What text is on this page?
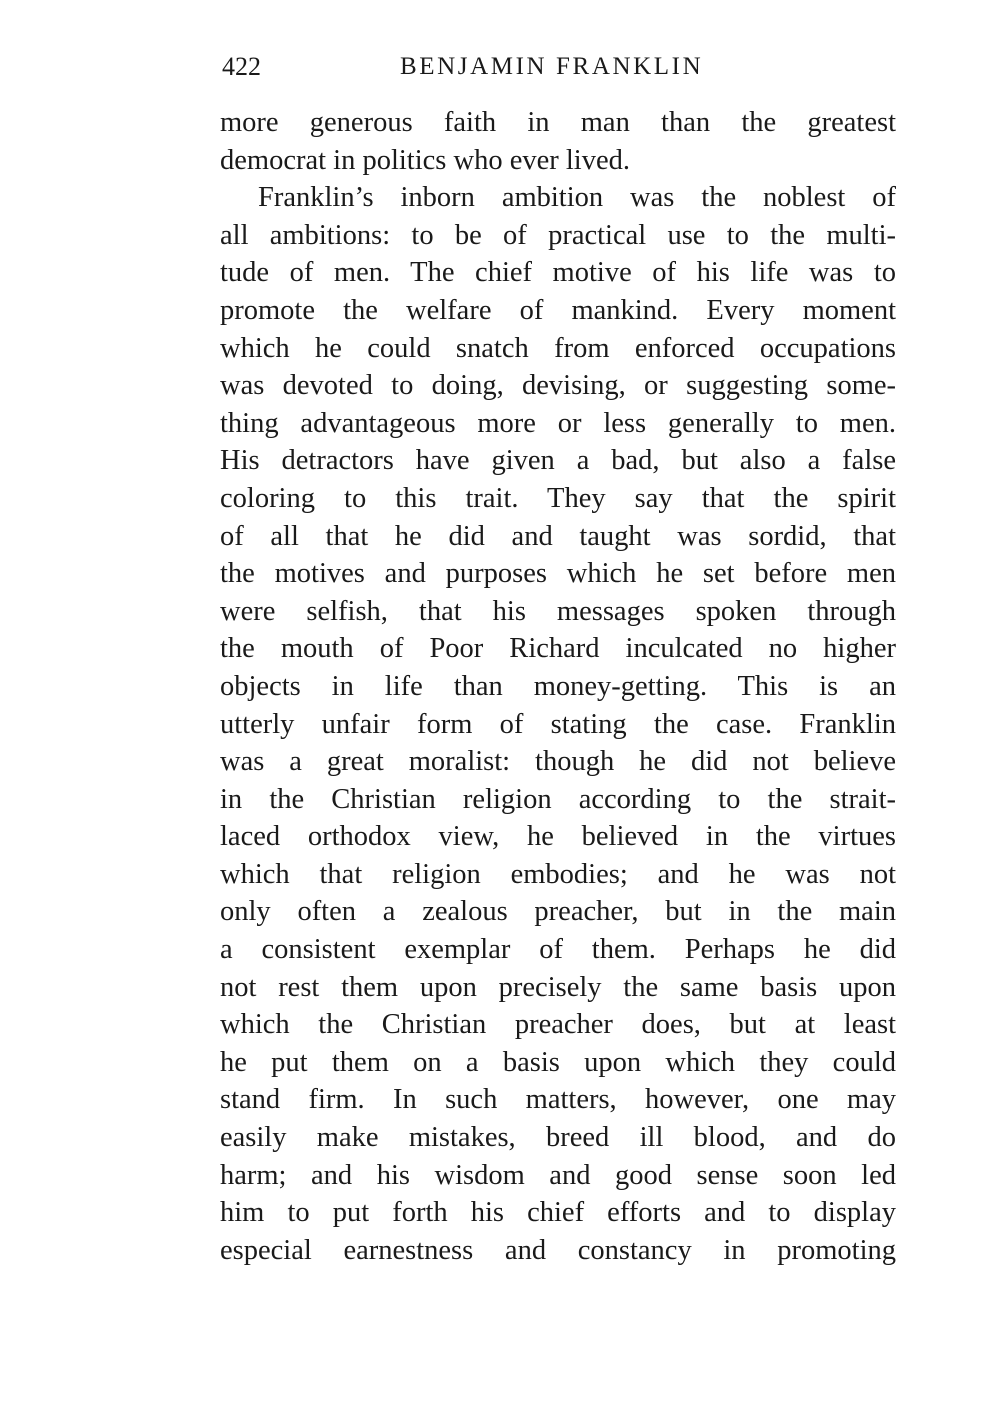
422	BENJAMIN FRANKLIN
more generous faith in man than the greatest
democrat in politics who ever lived.
Franklin’s inborn ambition was the noblest of
all ambitions: to be of practical use to the multi-
tude of men. The chief motive of his life was to
promote the welfare of mankind. Every moment
which he could snatch from enforced occupations
was devoted to doing, devising, or suggesting some-
thing advantageous more or less generally to men.
His detractors have given a bad, but also a false
coloring to this trait. They say that the spirit
of all that he did and taught was sordid, that
the motives and purposes which he set before men
were selfish, that his messages spoken through
the mouth of Poor Richard inculcated no higher
objects in life than money-getting. This is an
utterly unfair form of stating the case. Franklin
was a great moralist: though he did not believe
in the Christian religion according to the strait-
laced orthodox view, he believed in the virtues
which that religion embodies; and he was not
only often a zealous preacher, but in the main
a consistent exemplar of them. Perhaps he did
not rest them upon precisely the same basis upon
which the Christian preacher does, but at least
he put them on a basis upon which they could
stand firm. In such matters, however, one may
easily make mistakes, breed ill blood, and do
harm; and his wisdom and good sense soon led
him to put forth his chief efforts and to display
especial earnestness and constancy in promoting
